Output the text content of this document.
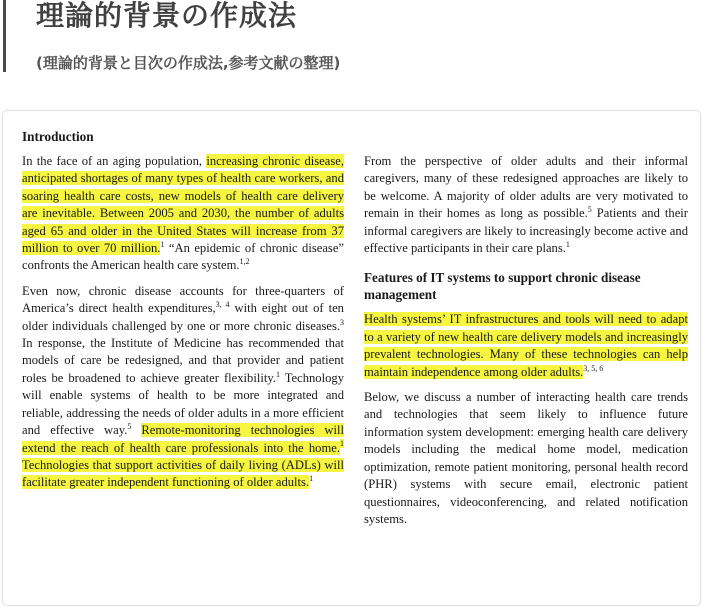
理論的背景の作成法
(理論的背景と目次の作成法,参考文献の整理)
Introduction

In the face of an aging population, increasing chronic disease, anticipated shortages of many types of health care workers, and soaring health care costs, new models of health care delivery are inevitable. Between 2005 and 2030, the number of adults aged 65 and older in the United States will increase from 37 million to over 70 million.$^1$ “An epidemic of chronic disease” confronts the American health care system.$^{1,2}$

Even now, chronic disease accounts for three-quarters of America’s direct health expenditures,$^{3, 4}$ with eight out of ten older individuals challenged by one or more chronic diseases.$^3$ In response, the Institute of Medicine has recommended that models of care be redesigned, and that provider and patient roles be broadened to achieve greater flexibility.$^1$ Technology will enable systems of health to be more integrated and reliable, addressing the needs of older adults in a more efficient and effective way.$^5$ Remote-monitoring technologies will extend the reach of health care professionals into the home.$^1$ Technologies that support activities of daily living (ADLs) will facilitate greater independent functioning of older adults.$^1$

From the perspective of older adults and their informal caregivers, many of these redesigned approaches are likely to be welcome. A majority of older adults are very motivated to remain in their homes as long as possible.$^5$ Patients and their informal caregivers are likely to increasingly become active and effective participants in their care plans.$^1$

Features of IT systems to support chronic disease management

Health systems’ IT infrastructures and tools will need to adapt to a variety of new health care delivery models and increasingly prevalent technologies. Many of these technologies can help maintain independence among older adults.$^{3, 5, 6}$

Below, we discuss a number of interacting health care trends and technologies that seem likely to influence future information system development: emerging health care delivery models including the medical home model, medication optimization, remote patient monitoring, personal health record (PHR) systems with secure email, electronic patient questionnaires, videoconferencing, and related notification systems.
